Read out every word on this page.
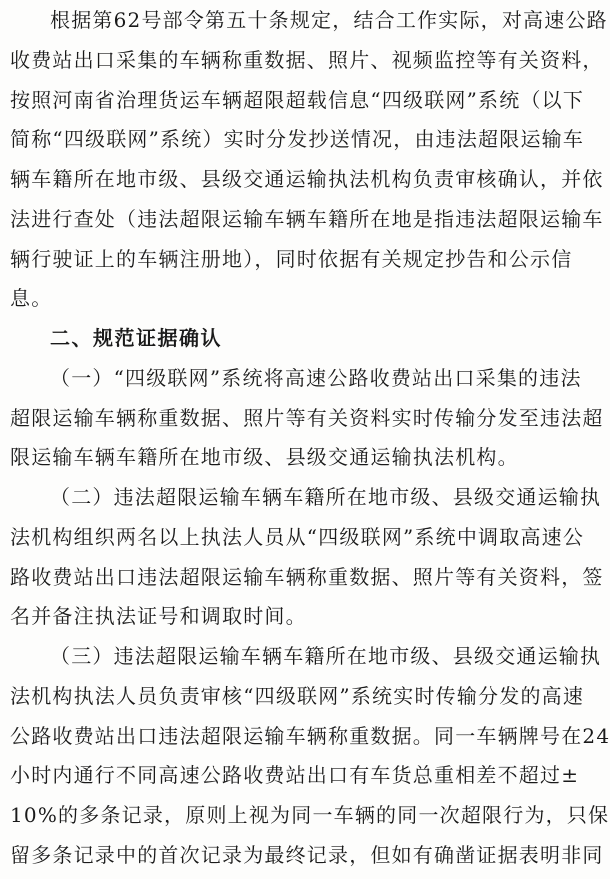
根据第62号部令第五十条规定，结合工作实际，对高速公路

收费站出口采集的车辆称重数据、照片、视频监控等有关资料，

按照河南省治理货运车辆超限超载信息“四级联网”系统（以下

简称“四级联网”系统）实时分发抄送情况，由违法超限运输车

辆车籍所在地市级、县级交通运输执法机构负责审核确认，并依

法进行查处（违法超限运输车辆车籍所在地是指违法超限运输车

辆行驶证上的车辆注册地），同时依据有关规定抄告和公示信

息。

二、规范证据确认

（一）“四级联网”系统将高速公路收费站出口采集的违法

超限运输车辆称重数据、照片等有关资料实时传输分发至违法超

限运输车辆车籍所在地市级、县级交通运输执法机构。

（二）违法超限运输车辆车籍所在地市级、县级交通运输执

法机构组织两名以上执法人员从“四级联网”系统中调取高速公

路收费站出口违法超限运输车辆称重数据、照片等有关资料，签

名并备注执法证号和调取时间。

（三）违法超限运输车辆车籍所在地市级、县级交通运输执

法机构执法人员负责审核“四级联网”系统实时传输分发的高速

公路收费站出口违法超限运输车辆称重数据。同一车辆牌号在24

小时内通行不同高速公路收费站出口有车货总重相差不超过±

10%的多条记录，原则上视为同一车辆的同一次超限行为，只保

留多条记录中的首次记录为最终记录，但如有确凿证据表明非同
